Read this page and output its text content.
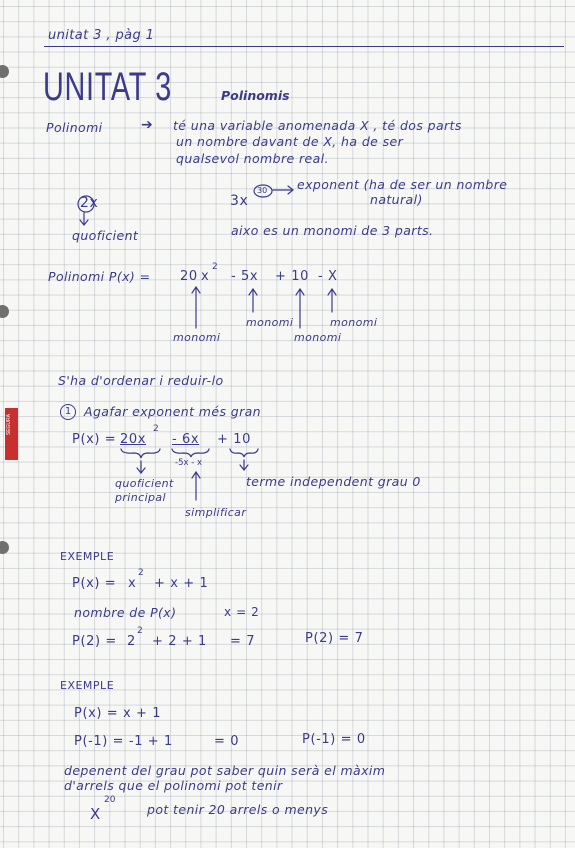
SEGURA
unitat 3 , pàg 1
UNITAT 3	Polinomis
Polinomi	➔ té una variable anomenada X , té dos parts
un nombre davant de X, ha de ser
qualsevol nombre real.
2x
quoficient
3x
30 exponent (ha de ser un nombre
natural)
aixo es un monomi de 3 parts.
Polinomi P(x) = 20 x
2
- 5x + 10 - X
monomi
monomi
monomi
monomi
S'ha d'ordenar i reduir-lo
1	Agafar exponent més gran
P(x) = 20x
2
- 6x + 10
-5x - x
quoficient
principal
simplificar
terme independent grau 0
EXEMPLE
P(x) = x
2
+ x + 1
nombre de P(x)	x = 2
P(2) = 2
2
+ 2 + 1 = 7	P(2) = 7
EXEMPLE
P(x) = x + 1
P(-1) = -1 + 1	= 0	P(-1) = 0
depenent del grau pot saber quin serà el màxim
d'arrels que el polinomi pot tenir
X
20
pot tenir 20 arrels o menys
